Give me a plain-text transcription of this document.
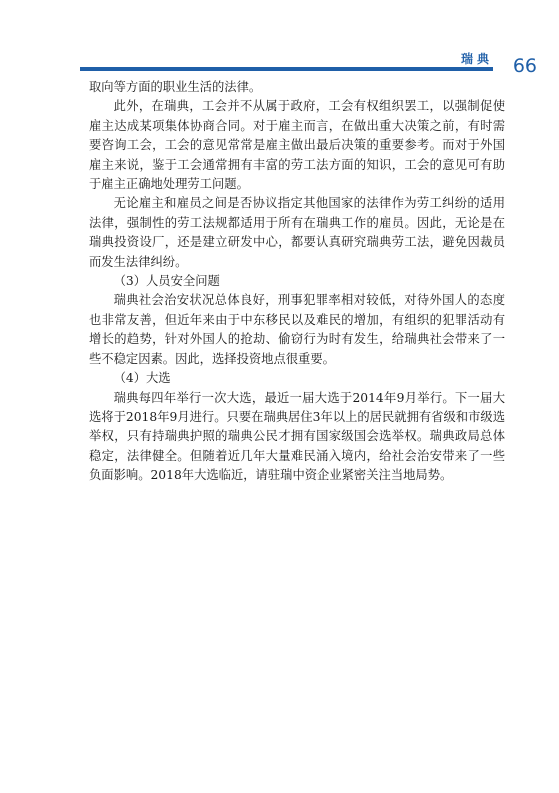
瑞典 66

取向等方面的职业生活的法律。

此外，在瑞典，工会并不从属于政府，工会有权组织罢工，以强制促使雇主达成某项集体协商合同。对于雇主而言，在做出重大决策之前，有时需要咨询工会，工会的意见常常是雇主做出最后决策的重要参考。而对于外国雇主来说，鉴于工会通常拥有丰富的劳工法方面的知识，工会的意见可有助于雇主正确地处理劳工问题。

无论雇主和雇员之间是否协议指定其他国家的法律作为劳工纠纷的适用法律，强制性的劳工法规都适用于所有在瑞典工作的雇员。因此，无论是在瑞典投资设厂，还是建立研发中心，都要认真研究瑞典劳工法，避免因裁员而发生法律纠纷。

（3）人员安全问题

瑞典社会治安状况总体良好，刑事犯罪率相对较低，对待外国人的态度也非常友善，但近年来由于中东移民以及难民的增加，有组织的犯罪活动有增长的趋势，针对外国人的抢劫、偷窃行为时有发生，给瑞典社会带来了一些不稳定因素。因此，选择投资地点很重要。

（4）大选

瑞典每四年举行一次大选，最近一届大选于2014年9月举行。下一届大选将于2018年9月进行。只要在瑞典居住3年以上的居民就拥有省级和市级选举权，只有持瑞典护照的瑞典公民才拥有国家级国会选举权。瑞典政局总体稳定，法律健全。但随着近几年大量难民涌入境内，给社会治安带来了一些负面影响。2018年大选临近，请驻瑞中资企业紧密关注当地局势。
